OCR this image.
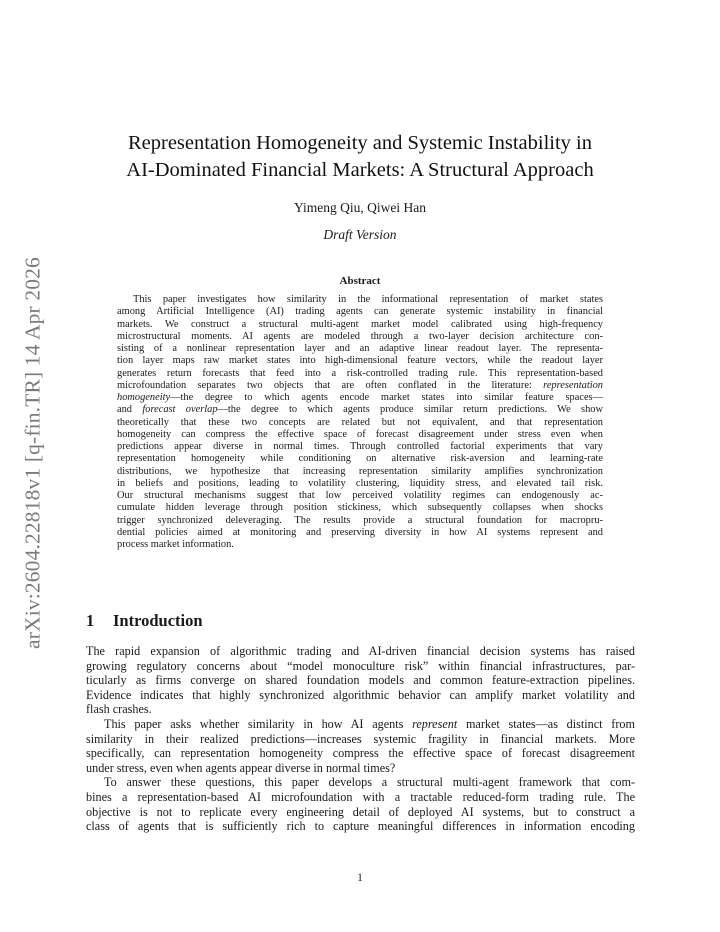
arXiv:2604.22818v1 [q-fin.TR] 14 Apr 2026
Representation Homogeneity and Systemic Instability in
AI-Dominated Financial Markets: A Structural Approach
Yimeng Qiu, Qiwei Han
Draft Version
Abstract
This paper investigates how similarity in the informational representation of market states
among Artificial Intelligence (AI) trading agents can generate systemic instability in financial
markets. We construct a structural multi-agent market model calibrated using high-frequency
microstructural moments. AI agents are modeled through a two-layer decision architecture con-
sisting of a nonlinear representation layer and an adaptive linear readout layer. The representa-
tion layer maps raw market states into high-dimensional feature vectors, while the readout layer
generates return forecasts that feed into a risk-controlled trading rule. This representation-based
microfoundation separates two objects that are often conflated in the literature: representation
homogeneity—the degree to which agents encode market states into similar feature spaces—
and forecast overlap—the degree to which agents produce similar return predictions. We show
theoretically that these two concepts are related but not equivalent, and that representation
homogeneity can compress the effective space of forecast disagreement under stress even when
predictions appear diverse in normal times. Through controlled factorial experiments that vary
representation homogeneity while conditioning on alternative risk-aversion and learning-rate
distributions, we hypothesize that increasing representation similarity amplifies synchronization
in beliefs and positions, leading to volatility clustering, liquidity stress, and elevated tail risk.
Our structural mechanisms suggest that low perceived volatility regimes can endogenously ac-
cumulate hidden leverage through position stickiness, which subsequently collapses when shocks
trigger synchronized deleveraging. The results provide a structural foundation for macropru-
dential policies aimed at monitoring and preserving diversity in how AI systems represent and
process market information.
1 Introduction
The rapid expansion of algorithmic trading and AI-driven financial decision systems has raised
growing regulatory concerns about “model monoculture risk” within financial infrastructures, par-
ticularly as firms converge on shared foundation models and common feature-extraction pipelines.
Evidence indicates that highly synchronized algorithmic behavior can amplify market volatility and
flash crashes.
This paper asks whether similarity in how AI agents represent market states—as distinct from
similarity in their realized predictions—increases systemic fragility in financial markets. More
specifically, can representation homogeneity compress the effective space of forecast disagreement
under stress, even when agents appear diverse in normal times?
To answer these questions, this paper develops a structural multi-agent framework that com-
bines a representation-based AI microfoundation with a tractable reduced-form trading rule. The
objective is not to replicate every engineering detail of deployed AI systems, but to construct a
class of agents that is sufficiently rich to capture meaningful differences in information encoding
1
